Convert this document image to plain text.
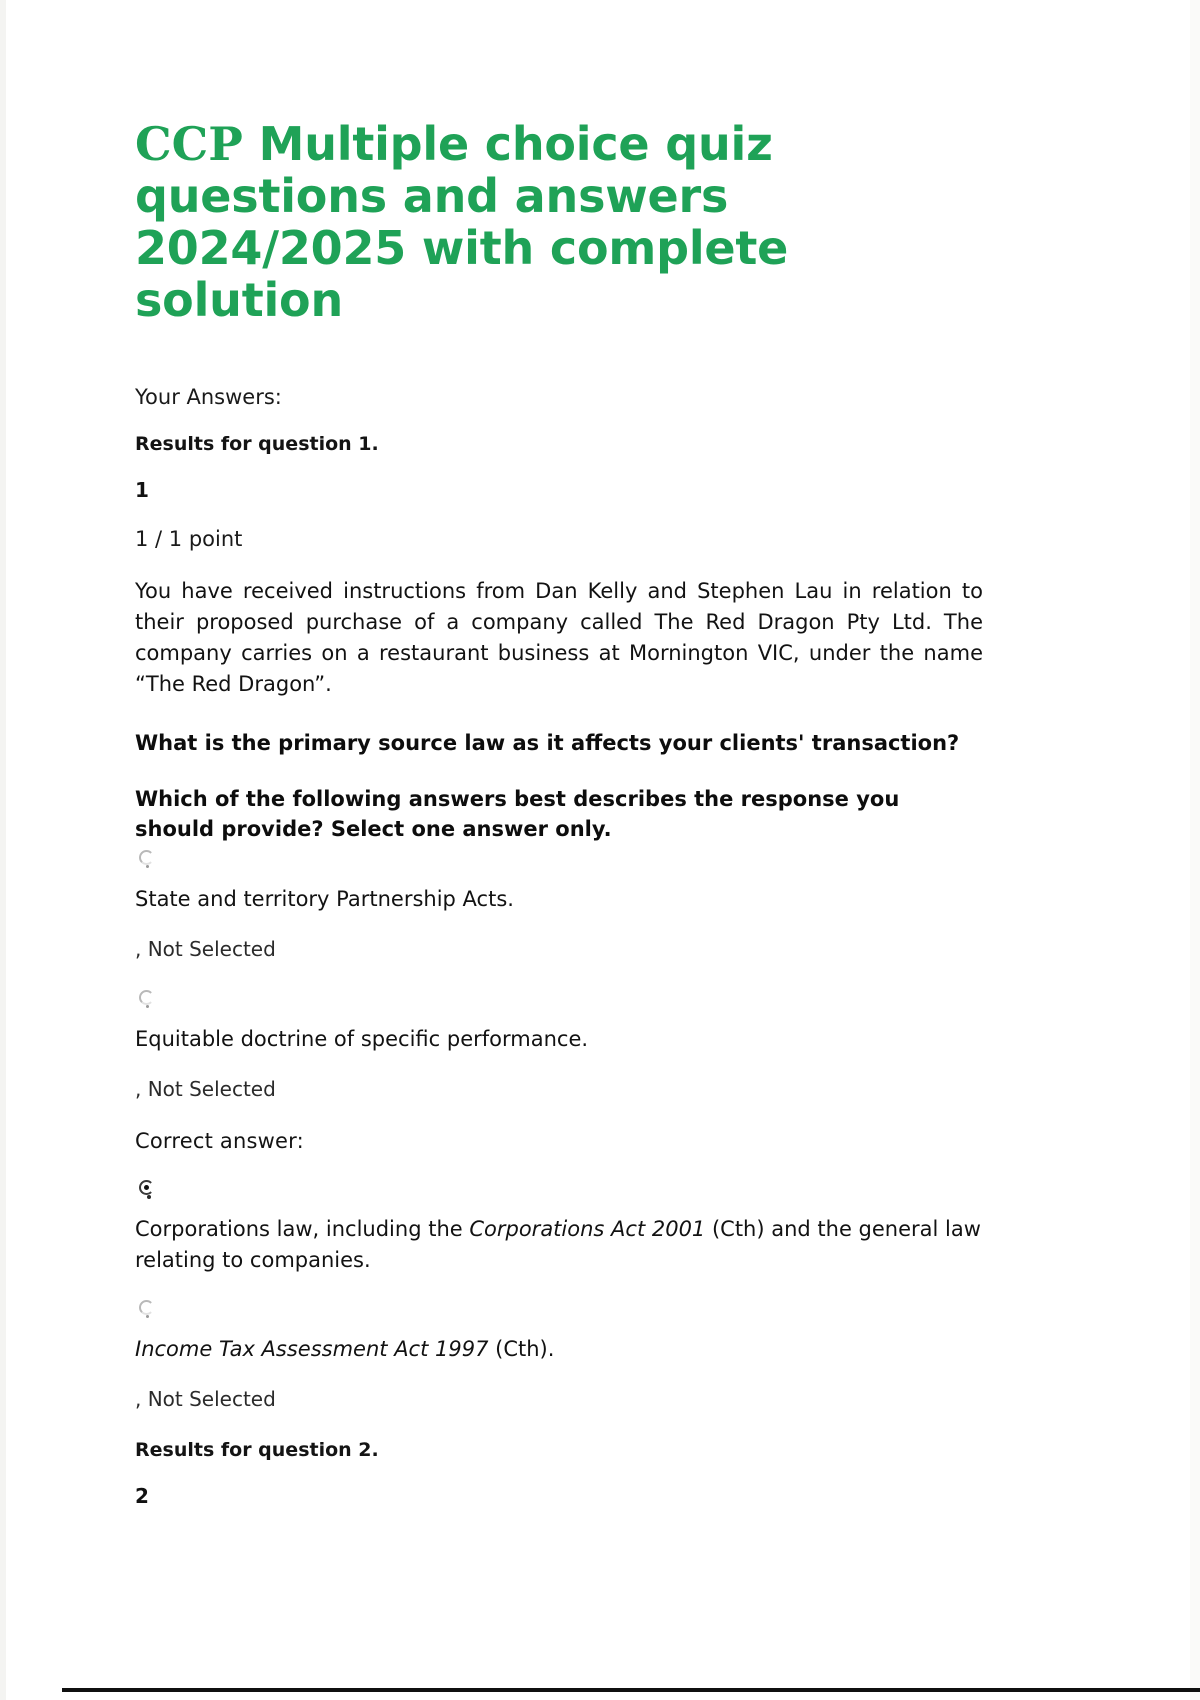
CCP Multiple choice quiz questions and answers 2024/2025 with complete solution

Your Answers:

Results for question 1.

1

1 / 1 point

You have received instructions from Dan Kelly and Stephen Lau in relation to their proposed purchase of a company called The Red Dragon Pty Ltd. The company carries on a restaurant business at Mornington VIC, under the name “The Red Dragon”.

What is the primary source law as it affects your clients' transaction?

Which of the following answers best describes the response you should provide? Select one answer only.

State and territory Partnership Acts.

, Not Selected

Equitable doctrine of specific performance.

, Not Selected

Correct answer:

Corporations law, including the Corporations Act 2001 (Cth) and the general law relating to companies.

Income Tax Assessment Act 1997 (Cth).

, Not Selected

Results for question 2.

2
